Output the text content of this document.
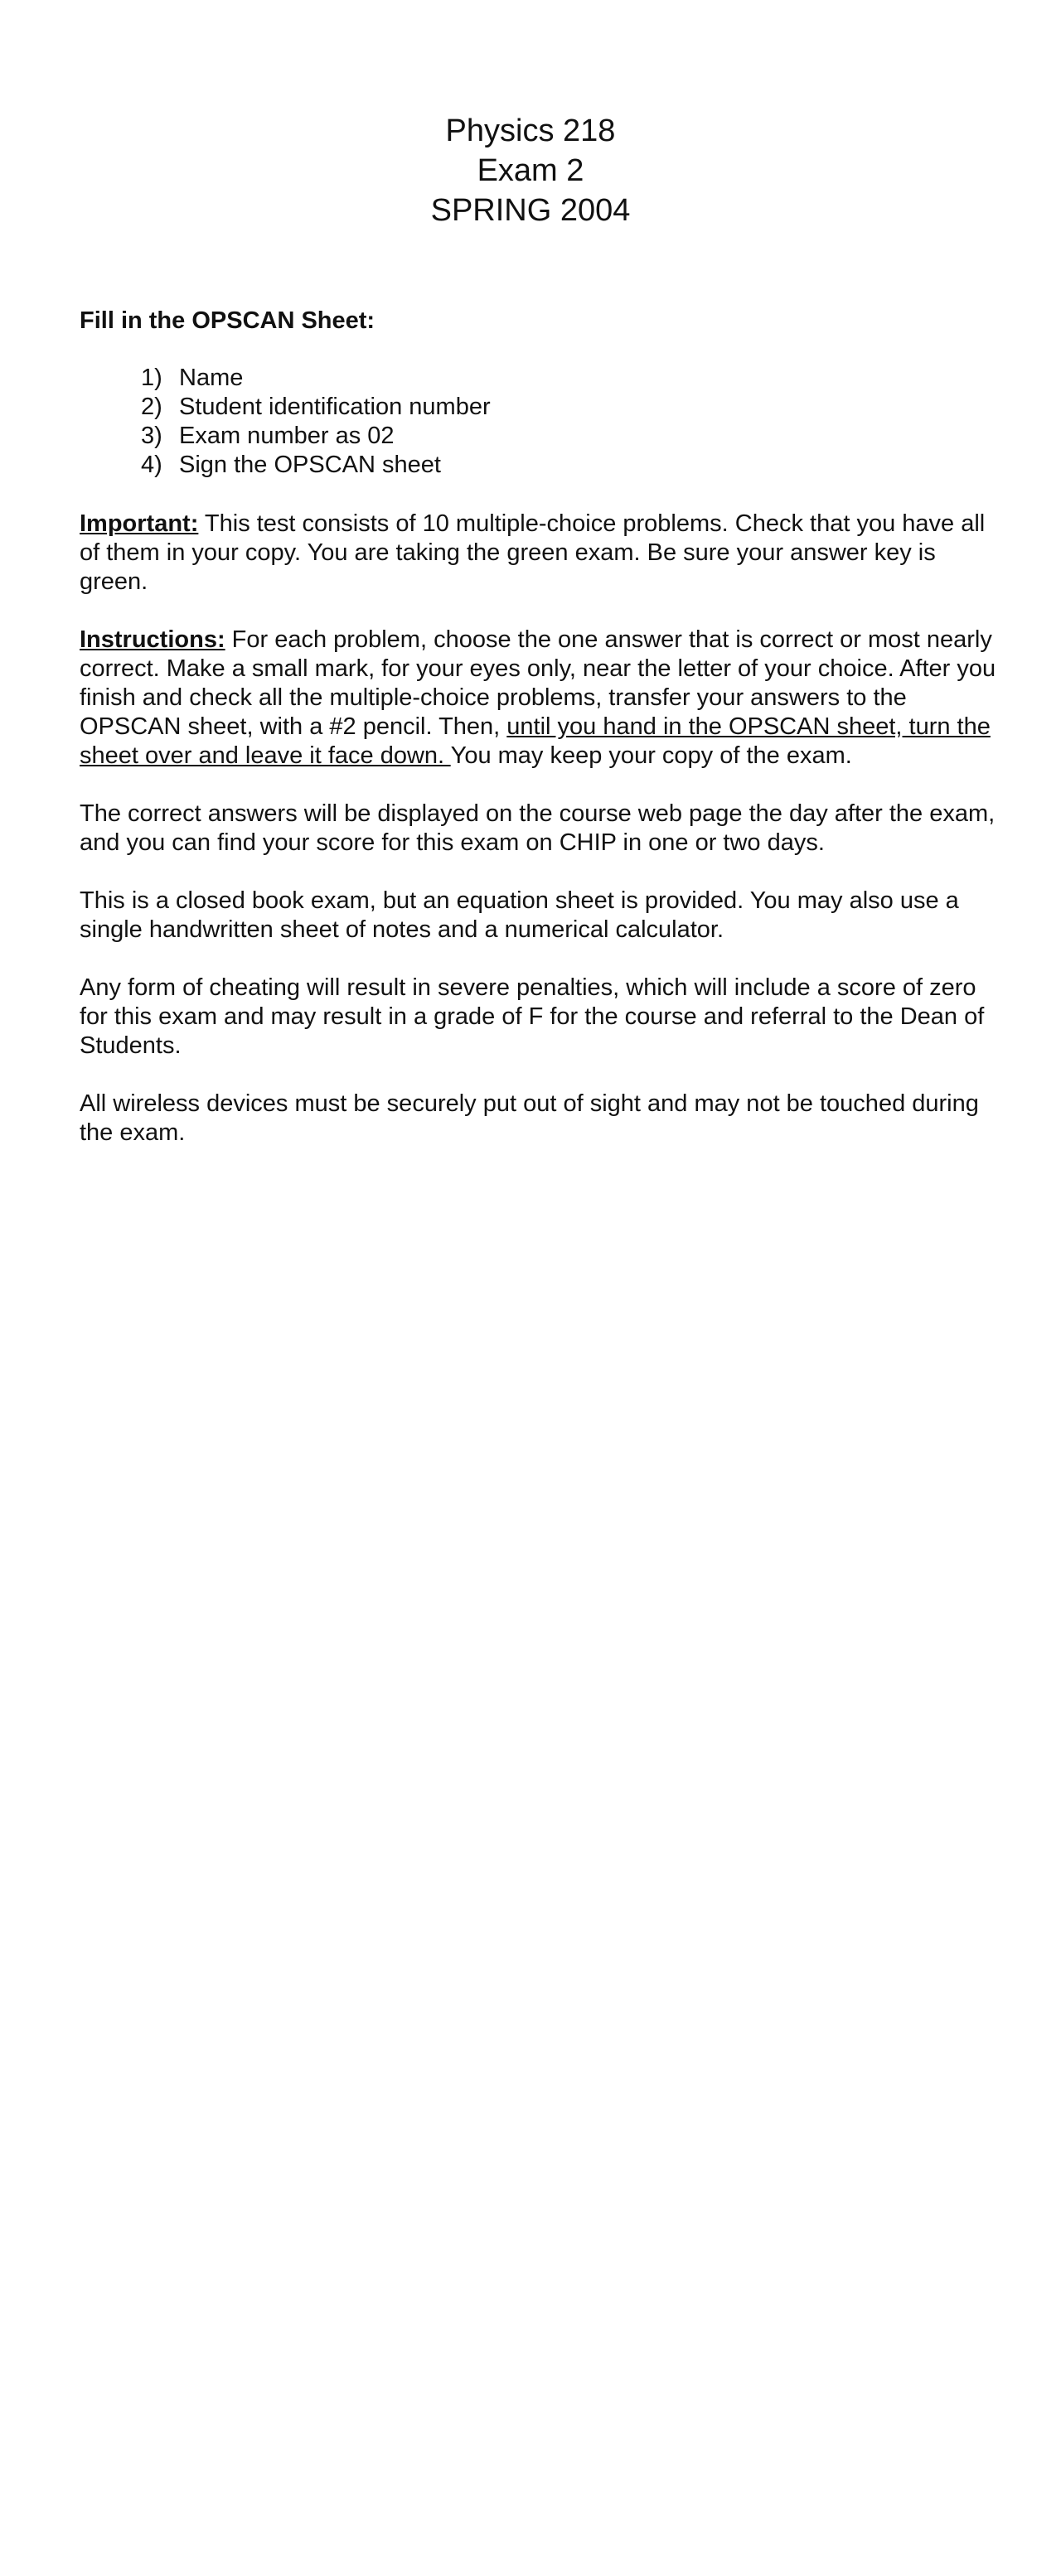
Physics 218
Exam 2
SPRING 2004
Fill in the OPSCAN Sheet:
1) Name
2) Student identification number
3) Exam number as 02
4) Sign the OPSCAN sheet

Important: This test consists of 10 multiple-choice problems. Check that you have all of them in your copy. You are taking the green exam. Be sure your answer key is green.

Instructions: For each problem, choose the one answer that is correct or most nearly correct. Make a small mark, for your eyes only, near the letter of your choice. After you finish and check all the multiple-choice problems, transfer your answers to the OPSCAN sheet, with a #2 pencil. Then, until you hand in the OPSCAN sheet, turn the sheet over and leave it face down. You may keep your copy of the exam.

The correct answers will be displayed on the course web page the day after the exam, and you can find your score for this exam on CHIP in one or two days.

This is a closed book exam, but an equation sheet is provided. You may also use a single handwritten sheet of notes and a numerical calculator.

Any form of cheating will result in severe penalties, which will include a score of zero for this exam and may result in a grade of F for the course and referral to the Dean of Students.

All wireless devices must be securely put out of sight and may not be touched during the exam.
